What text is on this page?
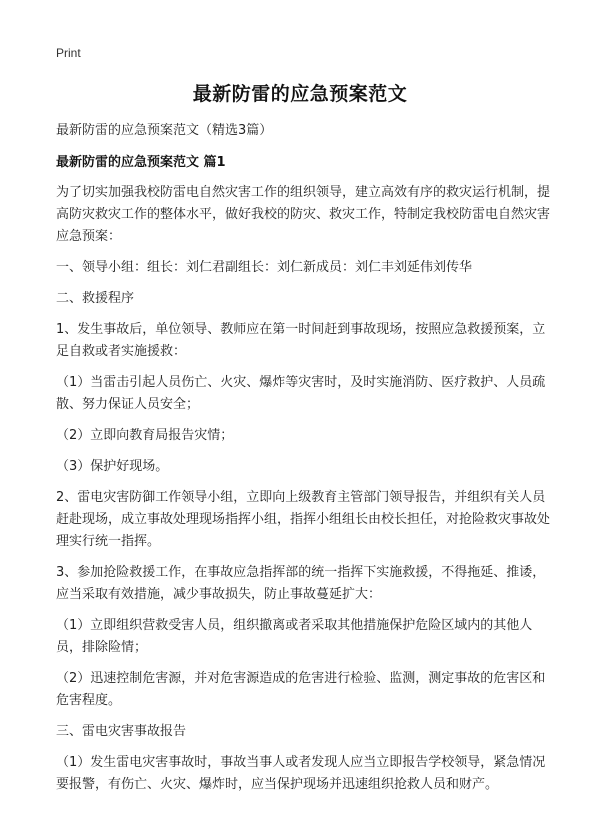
Print
最新防雷的应急预案范文

最新防雷的应急预案范文（精选3篇）

最新防雷的应急预案范文 篇1

为了切实加强我校防雷电自然灾害工作的组织领导，建立高效有序的救灾运行机制，提高防灾救灾工作的整体水平，做好我校的防灾、救灾工作，特制定我校防雷电自然灾害应急预案：

一、领导小组：组长：刘仁君副组长：刘仁新成员：刘仁丰刘延伟刘传华

二、救援程序

1、发生事故后，单位领导、教师应在第一时间赶到事故现场，按照应急救援预案，立足自救或者实施援救：

（1）当雷击引起人员伤亡、火灾、爆炸等灾害时，及时实施消防、医疗救护、人员疏散、努力保证人员安全；

（2）立即向教育局报告灾情；

（3）保护好现场。

2、雷电灾害防御工作领导小组，立即向上级教育主管部门领导报告，并组织有关人员赶赴现场，成立事故处理现场指挥小组，指挥小组组长由校长担任，对抢险救灾事故处理实行统一指挥。

3、参加抢险救援工作，在事故应急指挥部的统一指挥下实施救援，不得拖延、推诿，应当采取有效措施，减少事故损失，防止事故蔓延扩大：

（1）立即组织营救受害人员，组织撤离或者采取其他措施保护危险区域内的其他人员，排除险情；

（2）迅速控制危害源，并对危害源造成的危害进行检验、监测，测定事故的危害区和危害程度。

三、雷电灾害事故报告

（1）发生雷电灾害事故时，事故当事人或者发现人应当立即报告学校领导，紧急情况要报警，有伤亡、火灾、爆炸时，应当保护现场并迅速组织抢救人员和财产。
